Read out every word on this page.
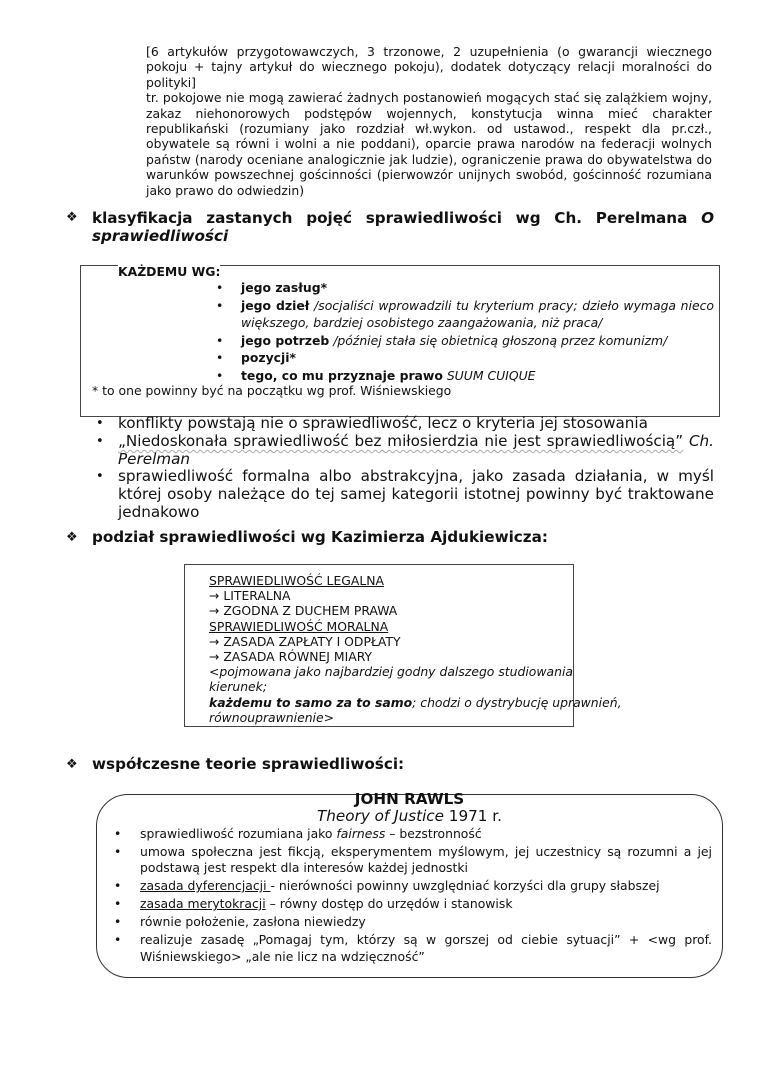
[6 artykułów przygotowawczych, 3 trzonowe, 2 uzupełnienia (o gwarancji wiecznego pokoju + tajny artykuł do wiecznego pokoju), dodatek dotyczący relacji moralności do polityki]
tr. pokojowe nie mogą zawierać żadnych postanowień mogących stać się zalążkiem wojny, zakaz niehonorowych podstępów wojennych, konstytucja winna mieć charakter republikański (rozumiany jako rozdział wł.wykon. od ustawod., respekt dla pr.czł., obywatele są równi i wolni a nie poddani), oparcie prawa narodów na federacji wolnych państw (narody oceniane analogicznie jak ludzie), ograniczenie prawa do obywatelstwa do warunków powszechnej gościnności (pierwowzór unijnych swobód, gościnność rozumiana jako prawo do odwiedzin)
❖ klasyfikacja zastanych pojęć sprawiedliwości wg Ch. Perelmana O sprawiedliwości
KAŻDEMU WG:
• jego zasług*
• jego dzieł /socjaliści wprowadzili tu kryterium pracy; dzieło wymaga nieco większego, bardziej osobistego zaangażowania, niż praca/
• jego potrzeb /później stała się obietnicą głoszoną przez komunizm/
• pozycji*
• tego, co mu przyznaje prawo SUUM CUIQUE
* to one powinny być na początku wg prof. Wiśniewskiego
• konflikty powstają nie o sprawiedliwość, lecz o kryteria jej stosowania
• „Niedoskonała sprawiedliwość bez miłosierdzia nie jest sprawiedliwością” Ch. Perelman
• sprawiedliwość formalna albo abstrakcyjna, jako zasada działania, w myśl której osoby należące do tej samej kategorii istotnej powinny być traktowane jednakowo
❖ podział sprawiedliwości wg Kazimierza Ajdukiewicza:
SPRAWIEDLIWOŚĆ LEGALNA
→ LITERALNA
→ ZGODNA Z DUCHEM PRAWA
SPRAWIEDLIWOŚĆ MORALNA
→ ZASADA ZAPŁATY I ODPŁATY
→ ZASADA RÓWNEJ MIARY
<pojmowana jako najbardziej godny dalszego studiowania kierunek;
każdemu to samo za to samo; chodzi o dystrybucję uprawnień, równouprawnienie>
❖ współczesne teorie sprawiedliwości:
JOHN RAWLS
Theory of Justice 1971 r.
• sprawiedliwość rozumiana jako fairness – bezstronność
• umowa społeczna jest fikcją, eksperymentem myślowym, jej uczestnicy są rozumni a jej podstawą jest respekt dla interesów każdej jednostki
• zasada dyferencjacji - nierówności powinny uwzględniać korzyści dla grupy słabszej
• zasada merytokracji – równy dostęp do urzędów i stanowisk
• równie położenie, zasłona niewiedzy
• realizuje zasadę „Pomagaj tym, którzy są w gorszej od ciebie sytuacji” + <wg prof. Wiśniewskiego> „ale nie licz na wdzięczność”
